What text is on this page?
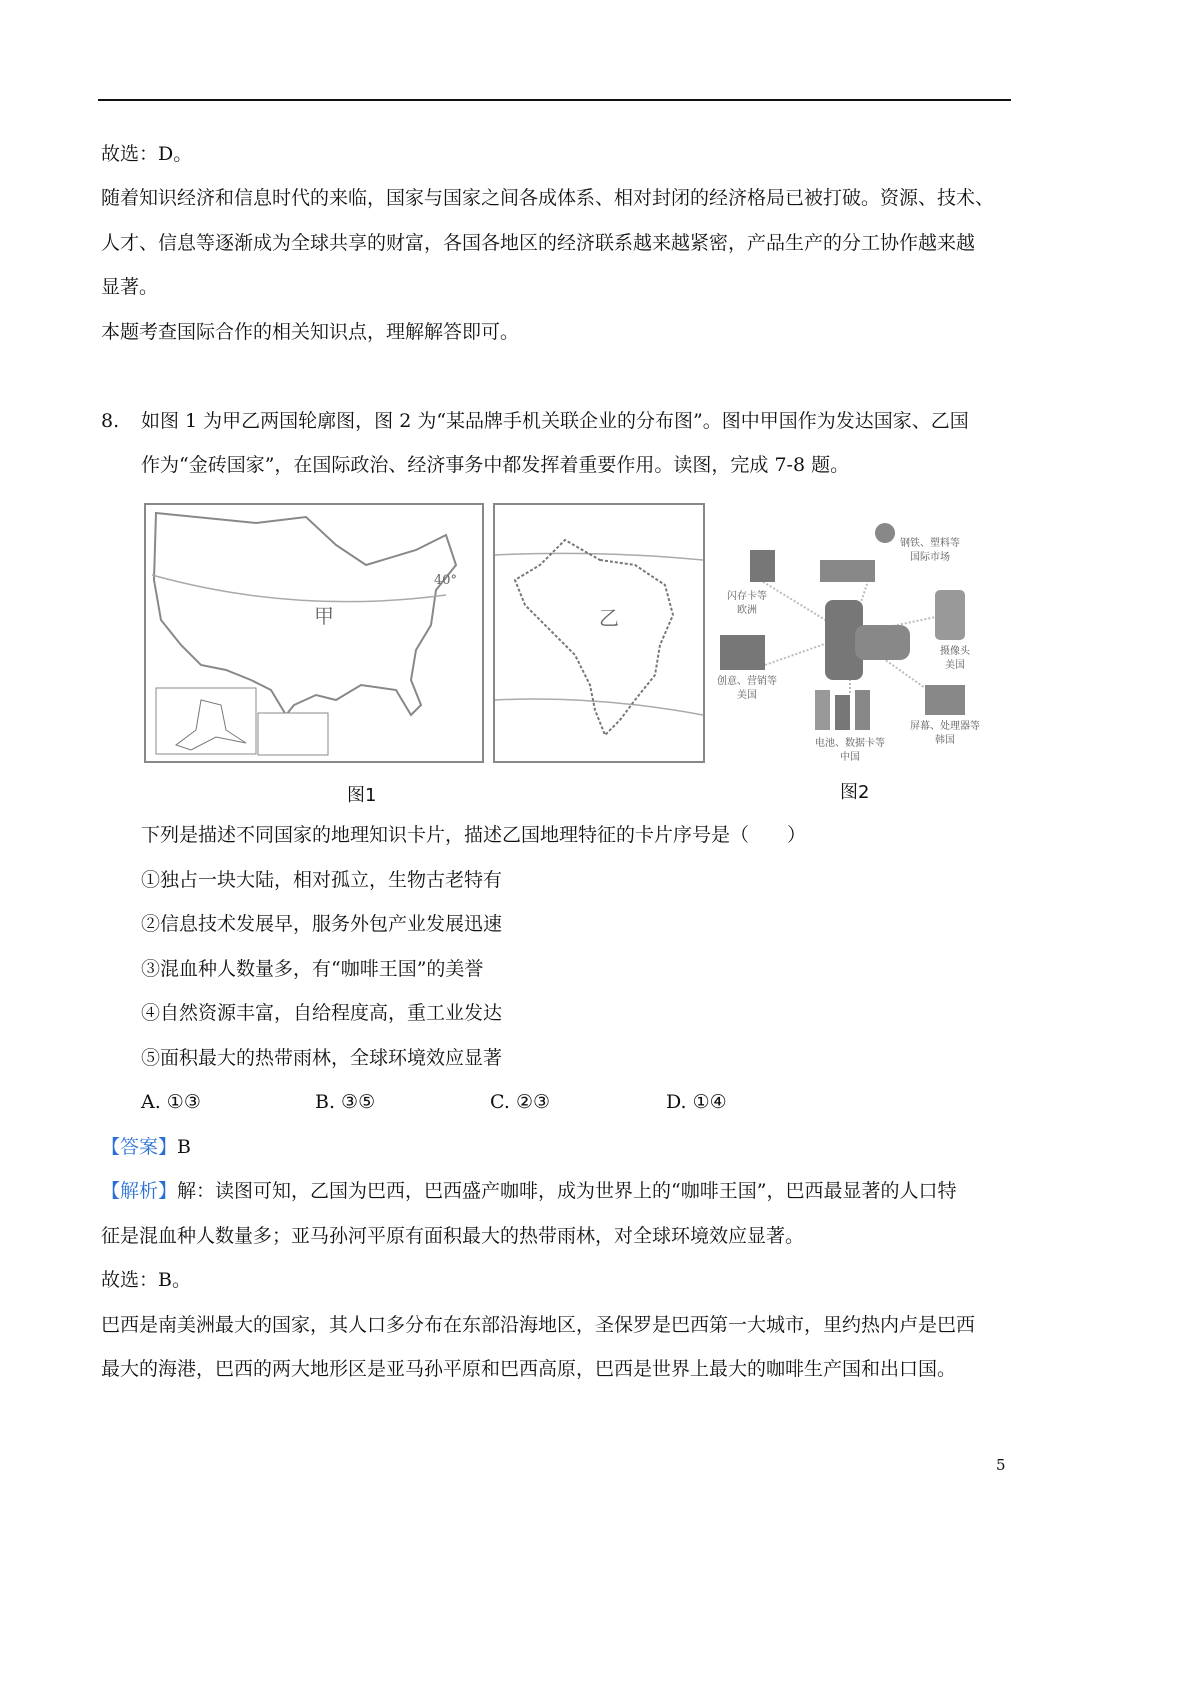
故选：D。
随着知识经济和信息时代的来临，国家与国家之间各成体系、相对封闭的经济格局已被打破。资源、技术、
人才、信息等逐渐成为全球共享的财富，各国各地区的经济联系越来越紧密，产品生产的分工协作越来越
显著。
本题考查国际合作的相关知识点，理解解答即可。
8. 如图 1 为甲乙两国轮廓图，图 2 为“某品牌手机关联企业的分布图”。图中甲国作为发达国家、乙国
作为“金砖国家”，在国际政治、经济事务中都发挥着重要作用。读图，完成 7-8 题。
甲
40°
乙
图1
钢铁、塑料等
国际市场
闪存卡等
欧洲
摄像头
美国
创意、营销等
美国
屏幕、处理器等
韩国
电池、数据卡等
中国
图2
下列是描述不同国家的地理知识卡片，描述乙国地理特征的卡片序号是（　　）
①独占一块大陆，相对孤立，生物古老特有
②信息技术发展早，服务外包产业发展迅速
③混血种人数量多，有“咖啡王国”的美誉
④自然资源丰富，自给程度高，重工业发达
⑤面积最大的热带雨林，全球环境效应显著
A. ①③	B. ③⑤	C. ②③	D. ①④
【答案】B
【解析】解：读图可知，乙国为巴西，巴西盛产咖啡，成为世界上的“咖啡王国”，巴西最显著的人口特
征是混血种人数量多；亚马孙河平原有面积最大的热带雨林，对全球环境效应显著。
故选：B。
巴西是南美洲最大的国家，其人口多分布在东部沿海地区，圣保罗是巴西第一大城市，里约热内卢是巴西
最大的海港，巴西的两大地形区是亚马孙平原和巴西高原，巴西是世界上最大的咖啡生产国和出口国。
5
